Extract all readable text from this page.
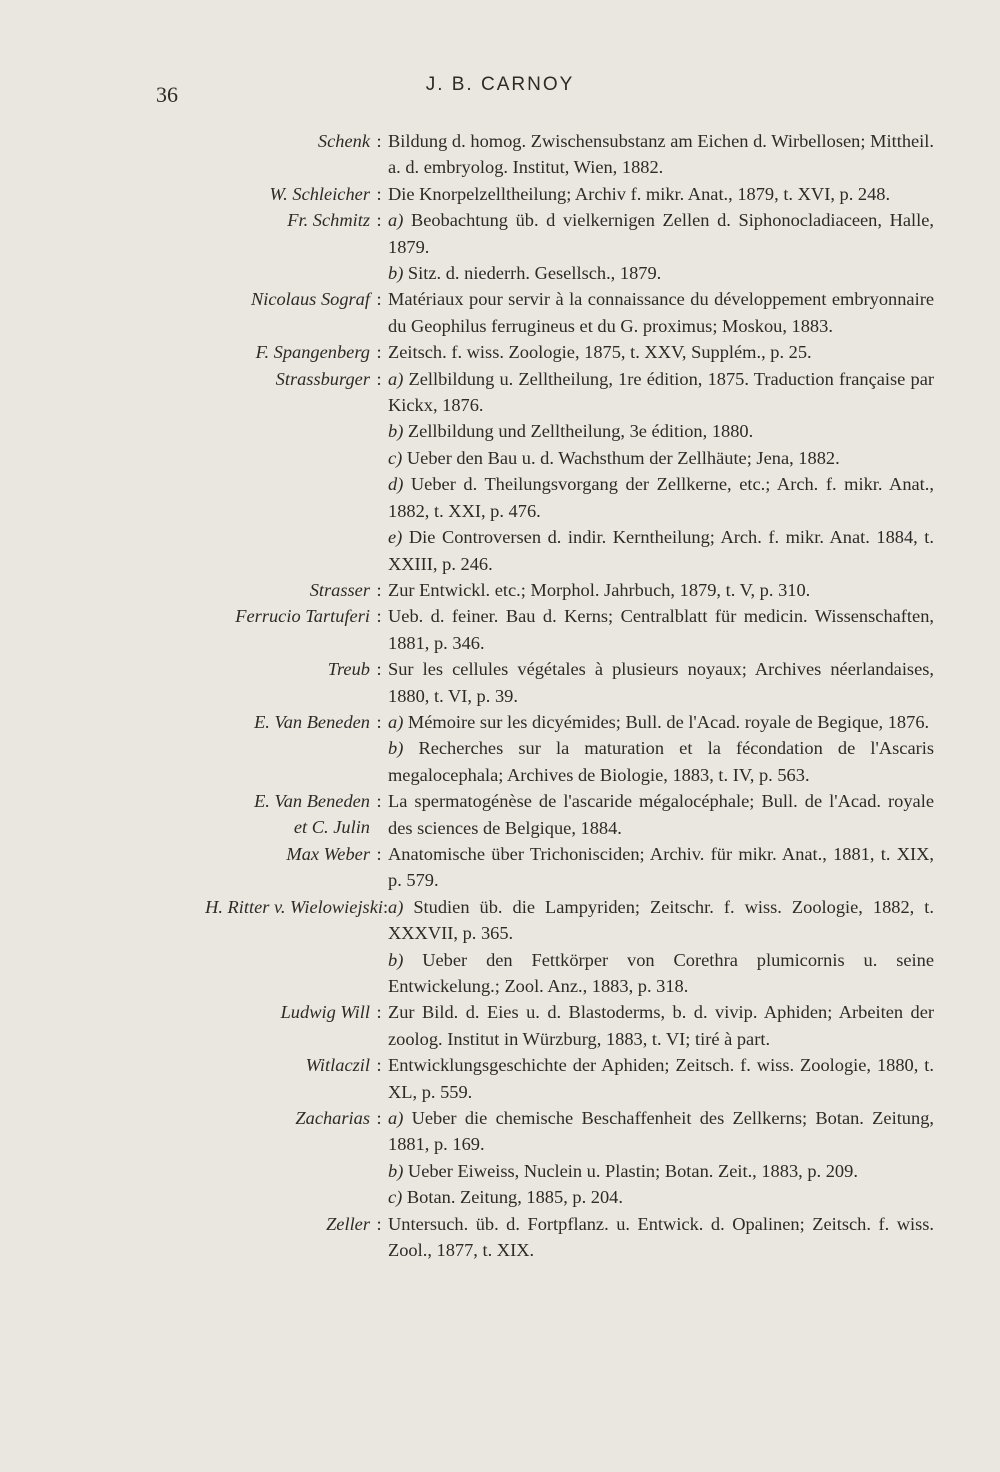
36	J. B. CARNOY
Schenk : Bildung d. homog. Zwischensubstanz am Eichen d. Wirbellosen; Mittheil. a. d. embryolog. Institut, Wien, 1882.
W. Schleicher : Die Knorpelzelltheilung; Archiv f. mikr. Anat., 1879, t. XVI, p. 248.
Fr. Schmitz : a) Beobachtung üb. d vielkernigen Zellen d. Siphonocladiaceen, Halle, 1879.
b) Sitz. d. niederrh. Gesellsch., 1879.
Nicolaus Sograf : Matériaux pour servir à la connaissance du développement embryonnaire du Geophilus ferrugineus et du G. proximus; Moskou, 1883.
F. Spangenberg : Zeitsch. f. wiss. Zoologie, 1875, t. XXV, Supplém., p. 25.
Strassburger : a) Zellbildung u. Zelltheilung, 1re édition, 1875. Traduction française par Kickx, 1876.
b) Zellbildung und Zelltheilung, 3e édition, 1880.
c) Ueber den Bau u. d. Wachsthum der Zellhäute; Jena, 1882.
d) Ueber d. Theilungsvorgang der Zellkerne, etc.; Arch. f. mikr. Anat., 1882, t. XXI, p. 476.
e) Die Controversen d. indir. Kerntheilung; Arch. f. mikr. Anat. 1884, t. XXIII, p. 246.
Strasser : Zur Entwickl. etc.; Morphol. Jahrbuch, 1879, t. V, p. 310.
Ferrucio Tartuferi : Ueb. d. feiner. Bau d. Kerns; Centralblatt für medicin. Wissenschaften, 1881, p. 346.
Treub : Sur les cellules végétales à plusieurs noyaux; Archives néerlandaises, 1880, t. VI, p. 39.
E. Van Beneden : a) Mémoire sur les dicyémides; Bull. de l'Acad. royale de Begique, 1876.
b) Recherches sur la maturation et la fécondation de l'Ascaris megalocephala; Archives de Biologie, 1883, t. IV, p. 563.
E. Van Beneden : La spermatogénèse de l'ascaride mégalocéphale; Bull. de l'Acad. royale des sciences de Belgique, 1884.
et C. Julin
Max Weber : Anatomische über Trichonisciden; Archiv. für mikr. Anat., 1881, t. XIX, p. 579.
H. Ritter v. Wielowiejski : a) Studien üb. die Lampyriden; Zeitschr. f. wiss. Zoologie, 1882, t. XXXVII, p. 365.
b) Ueber den Fettkörper von Corethra plumicornis u. seine Entwickelung.; Zool. Anz., 1883, p. 318.
Ludwig Will : Zur Bild. d. Eies u. d. Blastoderms, b. d. vivip. Aphiden; Arbeiten der zoolog. Institut in Würzburg, 1883, t. VI; tiré à part.
Witlaczil : Entwicklungsgeschichte der Aphiden; Zeitsch. f. wiss. Zoologie, 1880, t. XL, p. 559.
Zacharias : a) Ueber die chemische Beschaffenheit des Zellkerns; Botan. Zeitung, 1881, p. 169.
b) Ueber Eiweiss, Nuclein u. Plastin; Botan. Zeit., 1883, p. 209.
c) Botan. Zeitung, 1885, p. 204.
Zeller : Untersuch. üb. d. Fortpflanz. u. Entwick. d. Opalinen; Zeitsch. f. wiss. Zool., 1877, t. XIX.
